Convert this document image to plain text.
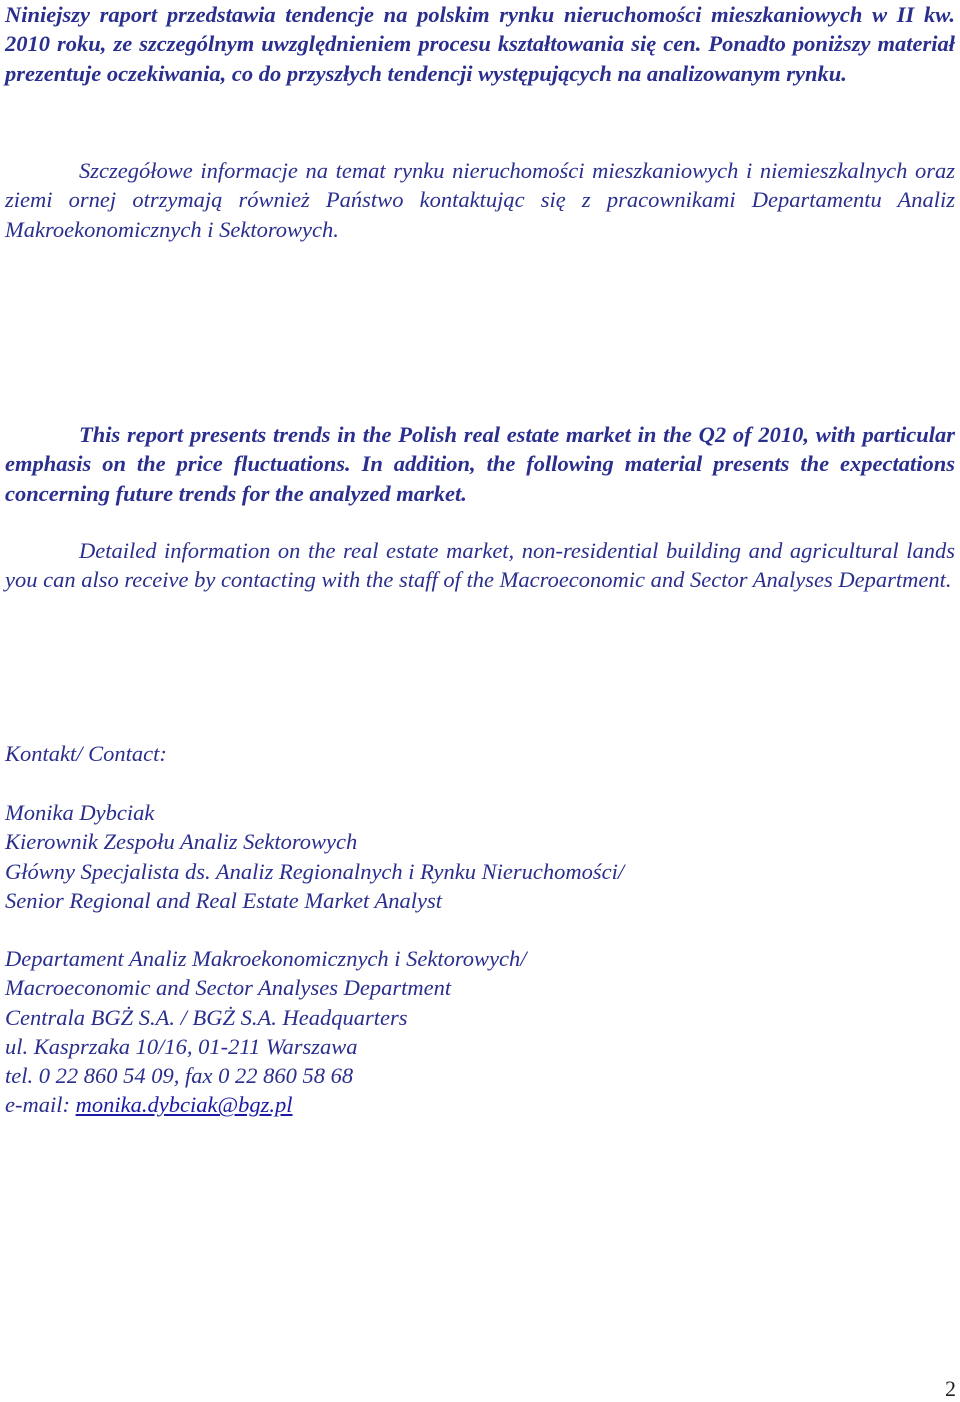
Niniejszy raport przedstawia tendencje na polskim rynku nieruchomości mieszkaniowych w II kw. 2010 roku, ze szczególnym uwzględnieniem procesu kształtowania się cen. Ponadto poniższy materiał prezentuje oczekiwania, co do przyszłych tendencji występujących na analizowanym rynku.

Szczegółowe informacje na temat rynku nieruchomości mieszkaniowych i niemieszkalnych oraz ziemi ornej otrzymają również Państwo kontaktując się z pracownikami Departamentu Analiz Makroekonomicznych i Sektorowych.

This report presents trends in the Polish real estate market in the Q2 of 2010, with particular emphasis on the price fluctuations. In addition, the following material presents the expectations concerning future trends for the analyzed market.

Detailed information on the real estate market, non-residential building and agricultural lands you can also receive by contacting with the staff of the Macroeconomic and Sector Analyses Department.

Kontakt/ Contact:
Monika Dybciak
Kierownik Zespołu Analiz Sektorowych
Główny Specjalista ds. Analiz Regionalnych i Rynku Nieruchomości/
Senior Regional and Real Estate Market Analyst
Departament Analiz Makroekonomicznych i Sektorowych/
Macroeconomic and Sector Analyses Department
Centrala BGŻ S.A. / BGŻ S.A. Headquarters
ul. Kasprzaka 10/16, 01-211 Warszawa
tel. 0 22 860 54 09, fax 0 22 860 58 68
e-mail: monika.dybciak@bgz.pl
2
